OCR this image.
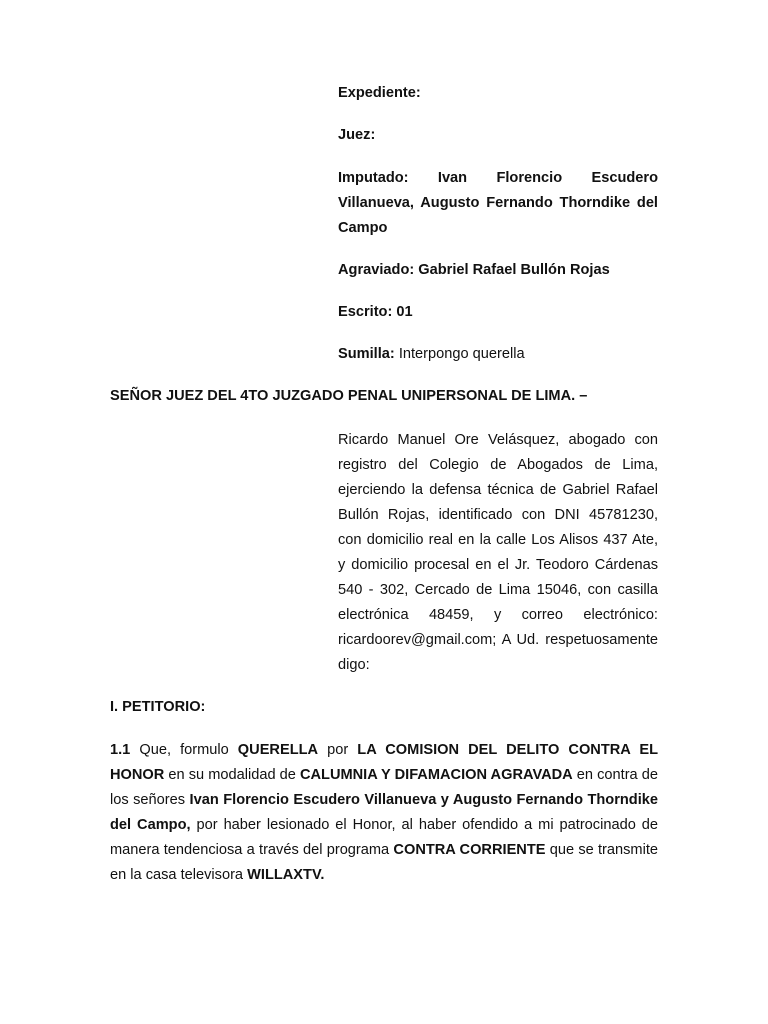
Expediente:
Juez:
Imputado: Ivan Florencio Escudero Villanueva, Augusto Fernando Thorndike del Campo
Agraviado: Gabriel Rafael Bullón Rojas
Escrito: 01
Sumilla: Interpongo querella
SEÑOR JUEZ DEL 4TO JUZGADO PENAL UNIPERSONAL DE LIMA. –
Ricardo Manuel Ore Velásquez, abogado con registro del Colegio de Abogados de Lima, ejerciendo la defensa técnica de Gabriel Rafael Bullón Rojas, identificado con DNI 45781230, con domicilio real en la calle Los Alisos 437 Ate, y domicilio procesal en el Jr. Teodoro Cárdenas 540 - 302, Cercado de Lima 15046, con casilla electrónica 48459, y correo electrónico: ricardoorev@gmail.com; A Ud. respetuosamente digo:
I. PETITORIO:
1.1 Que, formulo QUERELLA por LA COMISION DEL DELITO CONTRA EL HONOR en su modalidad de CALUMNIA Y DIFAMACION AGRAVADA en contra de los señores Ivan Florencio Escudero Villanueva y Augusto Fernando Thorndike del Campo, por haber lesionado el Honor, al haber ofendido a mi patrocinado de manera tendenciosa a través del programa CONTRA CORRIENTE que se transmite en la casa televisora WILLAXTV.
